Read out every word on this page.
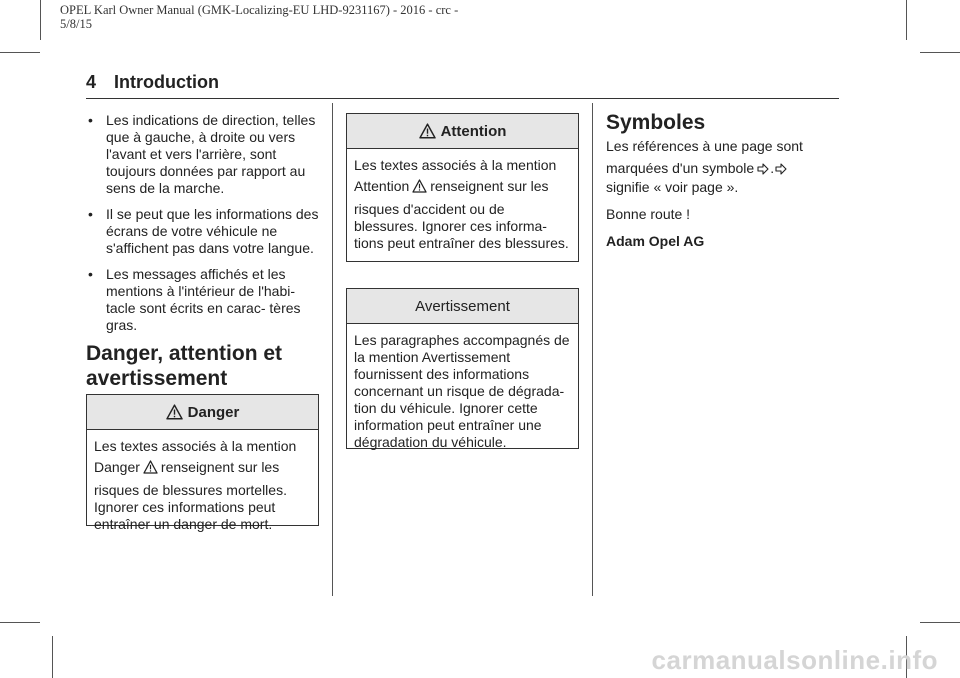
OPEL Karl Owner Manual (GMK-Localizing-EU LHD-9231167) - 2016 - crc -
5/8/15
4 Introduction
• Les indications de direction, telles que à gauche, à droite ou vers l'avant et vers l'arrière, sont toujours données par rapport au sens de la marche.
• Il se peut que les informations des écrans de votre véhicule ne s'affichent pas dans votre langue.
• Les messages affichés et les mentions à l'intérieur de l'habi- tacle sont écrits en carac- tères gras.
Danger, attention et
avertissement
Danger
Les textes associés à la mention
Danger renseignent sur les
risques de blessures mortelles. Ignorer ces informations peut entraîner un danger de mort.
Attention
Les textes associés à la mention
Attention renseignent sur les
risques d'accident ou de blessures. Ignorer ces informa- tions peut entraîner des blessures.
Avertissement
Les paragraphes accompagnés de la mention Avertissement fournissent des informations concernant un risque de dégrada- tion du véhicule. Ignorer cette information peut entraîner une dégradation du véhicule.
Symboles
Les références à une page sont
marquées d'un symbole .
signifie « voir page ».
Bonne route !
Adam Opel AG
carmanualsonline.info
